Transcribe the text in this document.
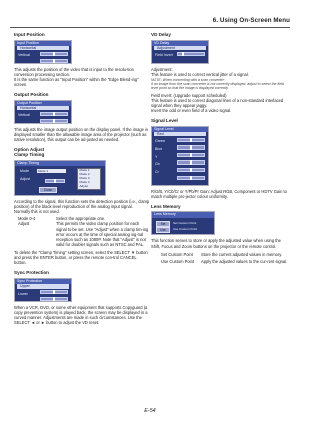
6. Using On-Screen Menu
Input Position
Input Position
Horizontal
Vertical

This adjusts the position of the video that is input to the resolu-tion conversion processing section.

It is the same function as "Input Position" within the "Edge Blend-ing" screen.

Output Position
Output Position
Horizontal
Vertical

This adjusts the image output position on the display panel. If the image is displayed smaller than the allowable image area of the projector (such as native resolution), this output can be ad-justed as needed.

Option Adjust
Clamp Timing
Clamp Timing
Mode	Mode 1
Adjust
Close
Mode 1
Mode 2
Mode 3
Mode 4
Adjust

According to the signal, this function sets the detection position (i.e., clamp position) of the black level reproduction of the analog input signal. Normally this is not used.

Mode 0-4	Select the appropriate one.
Adjust	This permits the video clamp position for each signal to be set. Use "Adjust" when a clamp tim-ing error occurs at the time of special analog sig-nal reception such as 1080P. Note that "Adjust" is not valid for doubler signals such as NTSC and PAL.

To delete the "Clamp Timing" setting screen, select the SELECT ▼ button and press the ENTER button, or press the remote con-trol CANCEL button.

Sync Protection
Sync Protection
Upper
Lower

When a VCR, DVD, or some other equipment that supports Copyguard (a copy prevention system) is played back, the screen may be displayed in a curved manner. Adjustments are made in such circumstances. Use the SELECT ◄ or ► button to adjust the VD reset.

VD Delay
VD Delay
Adjustment
Field Invert

Adjustment:

This feature is used to correct vertical jitter of a signal.

NOTE: When connecting with a scan converter:
If an image from the scan converter is not correctly displayed, adjust to select the field level point so that the image is displayed correctly.

Field Invert: (Upgrade support scheduled)

This feature is used to correct diagonal lines of a non-standard interlaced signal when they appear jaggy.

Invert the odd or even field of a video signal.

Signal Level
Signal Level
Red
Green
Blue
Y
Cb
Cr

R/G/B, Y/Cb/Cr or Y/Pb/Pr Gain: Adjust RGB, Component or HDTV Gain to match multiple pro-jector colour uniformity.

Lens Memory
Lens Memory
Set
Use
Set Custom Point
Use Custom Point

This function serves to store or apply the adjusted value when using the Shift, Focus and Zoom buttons on the projector or the remote control.

Set Custom Point Store the current adjusted values in memory.
Use Custom Point Apply the adjusted values to the cur-rent signal.
E-54
